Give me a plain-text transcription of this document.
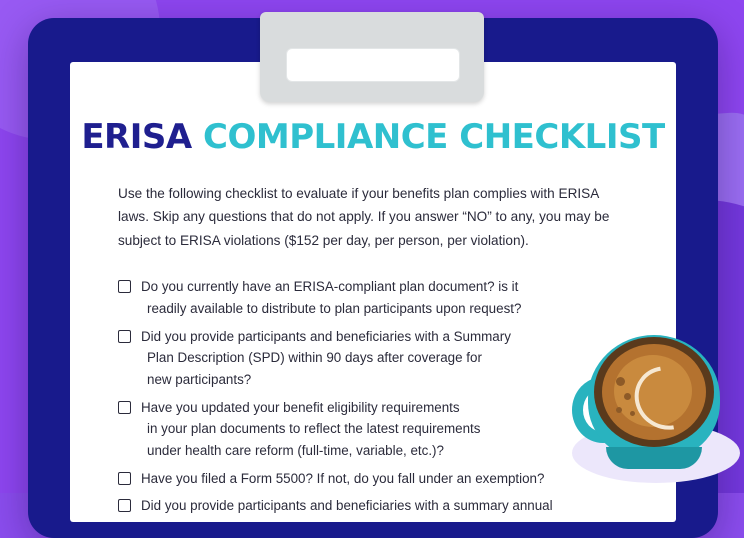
ERISA COMPLIANCE CHECKLIST

Use the following checklist to evaluate if your benefits plan complies with ERISA laws. Skip any questions that do not apply. If you answer “NO” to any, you may be subject to ERISA violations ($152 per day, per person, per violation).

Do you currently have an ERISA-compliant plan document? is it
readily available to distribute to plan participants upon request?
Did you provide participants and beneficiaries with a Summary
Plan Description (SPD) within 90 days after coverage for
new participants?
Have you updated your benefit eligibility requirements
in your plan documents to reflect the latest requirements
under health care reform (full-time, variable, etc.)?
Have you filed a Form 5500? If not, do you fall under an exemption?
Did you provide participants and beneficiaries with a summary annual
